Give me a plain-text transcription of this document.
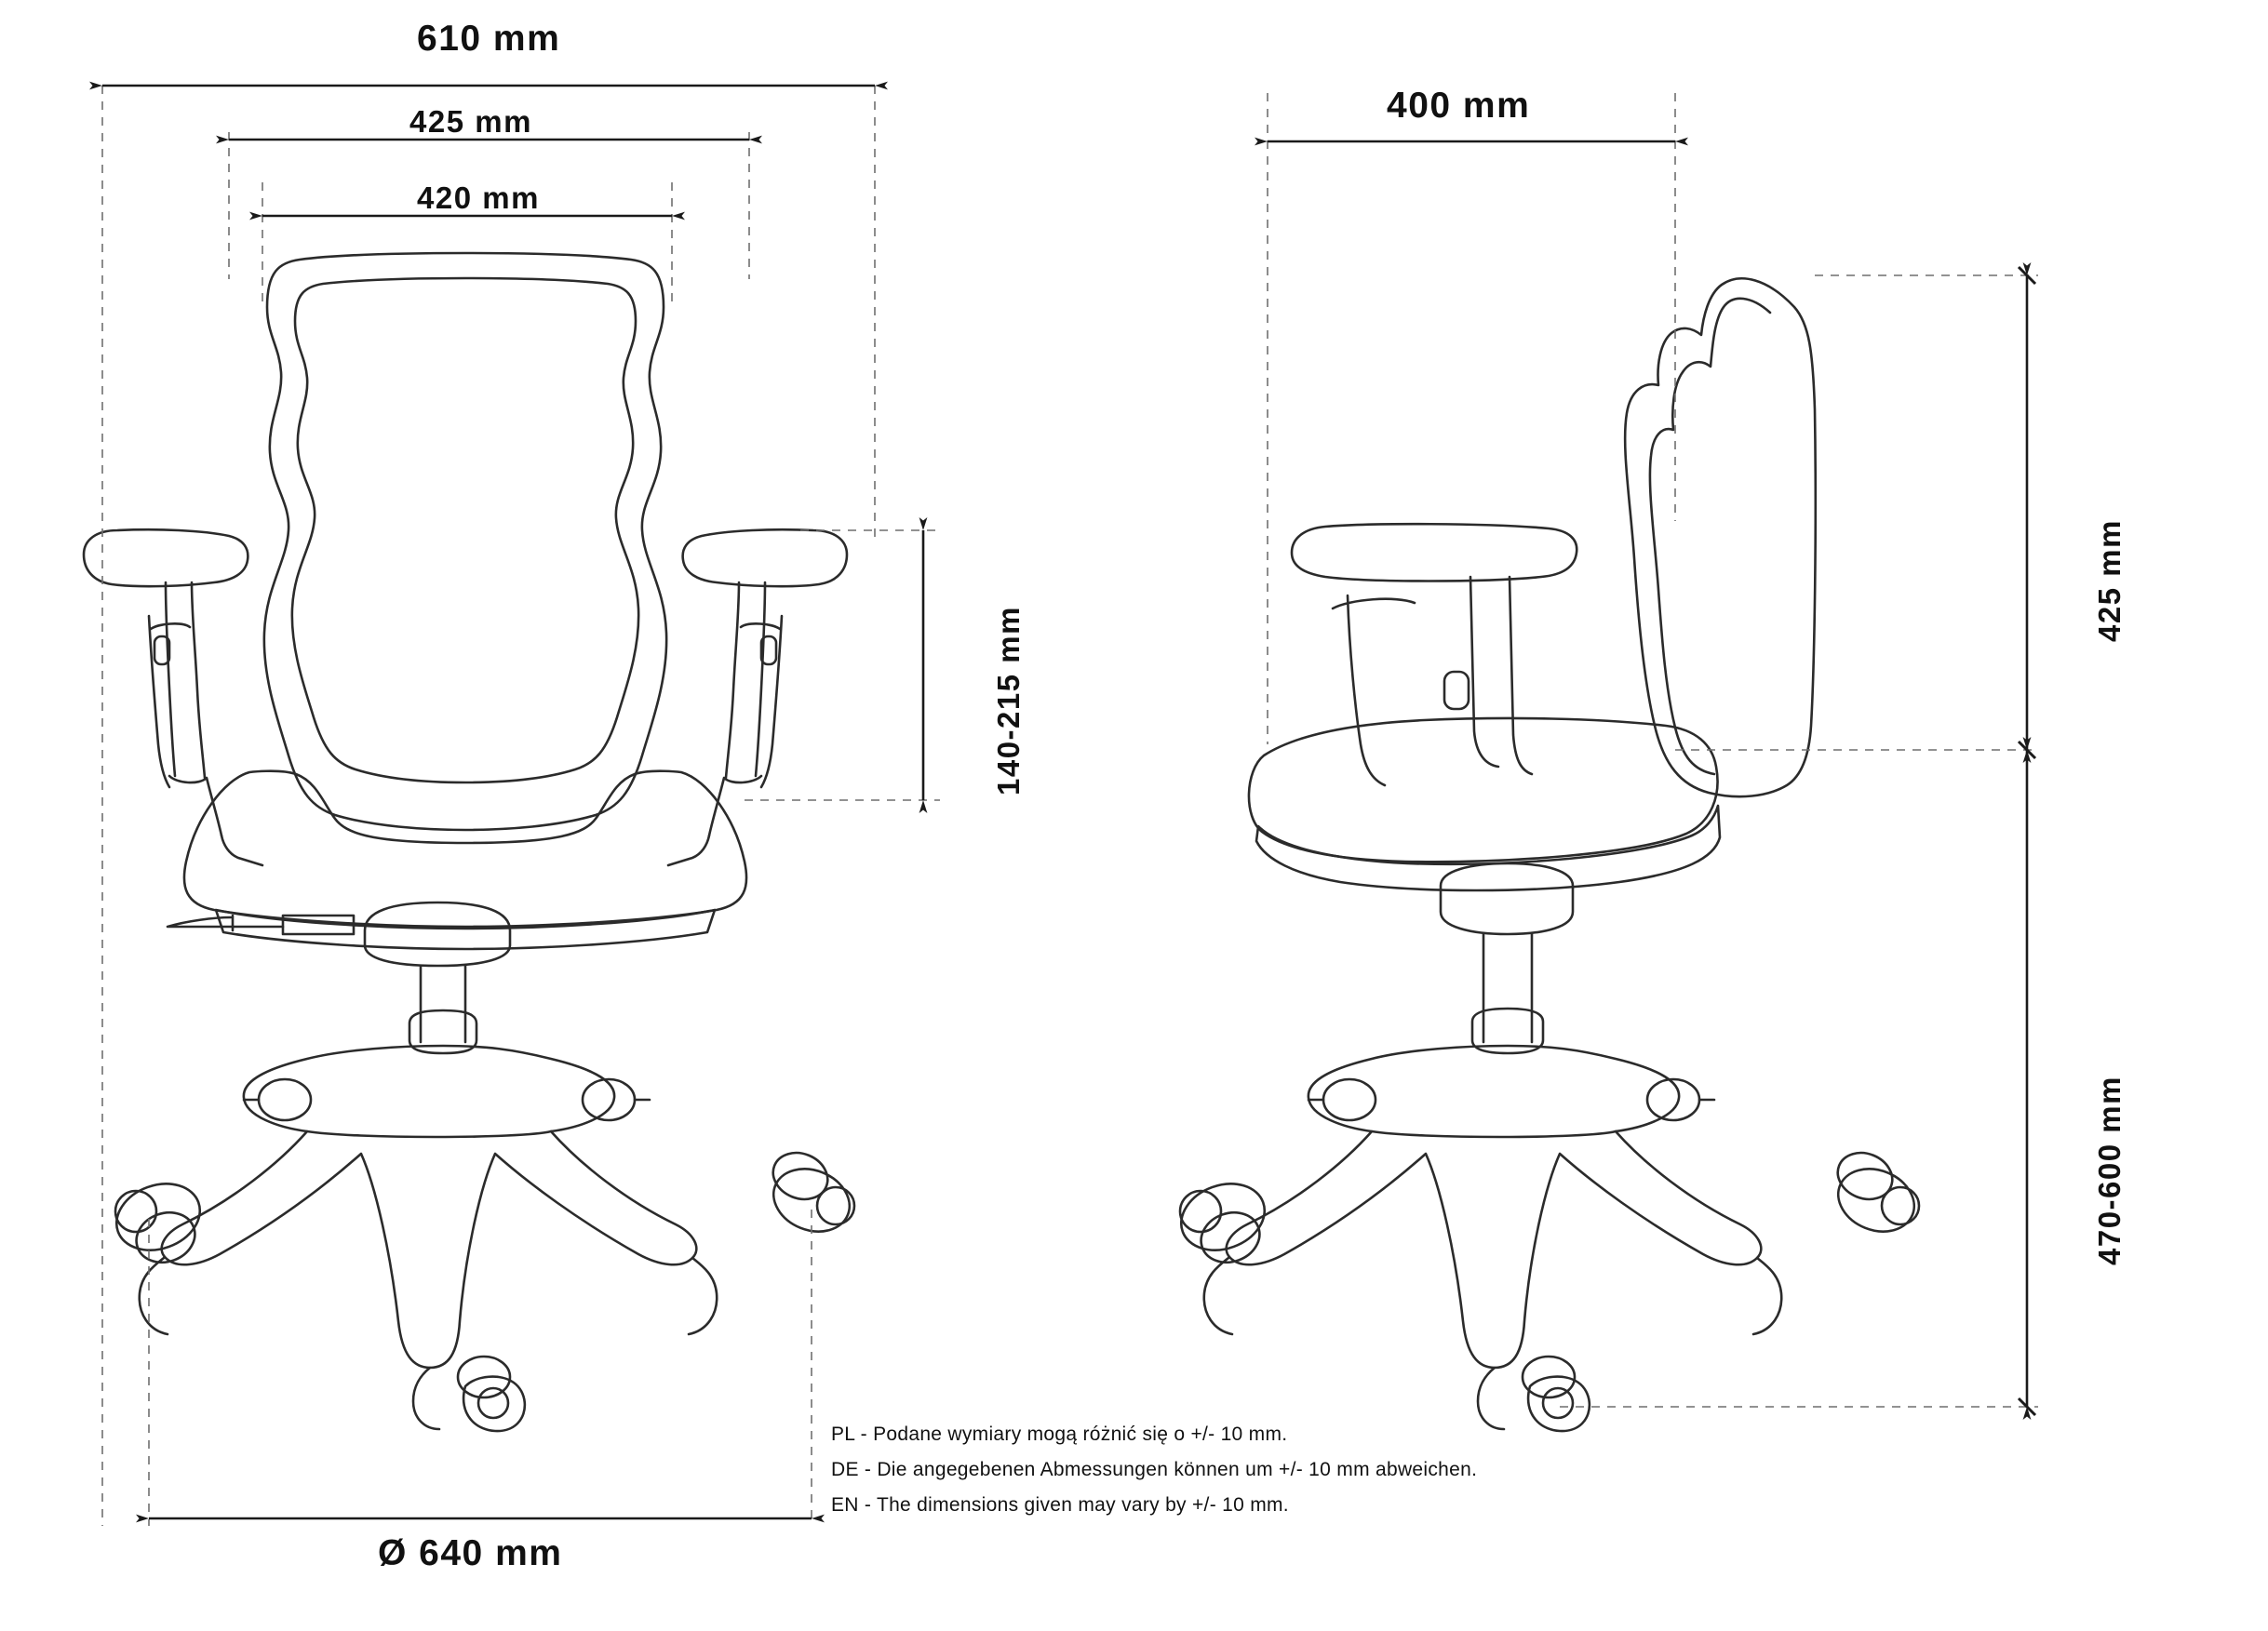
610 mm
425 mm
420 mm
140-215 mm
Ø 640 mm
400 mm
425 mm
470-600 mm
PL - Podane wymiary mogą różnić się o +/- 10 mm.
DE - Die angegebenen Abmessungen können um +/- 10 mm abweichen.
EN - The dimensions given may vary by +/- 10 mm.
